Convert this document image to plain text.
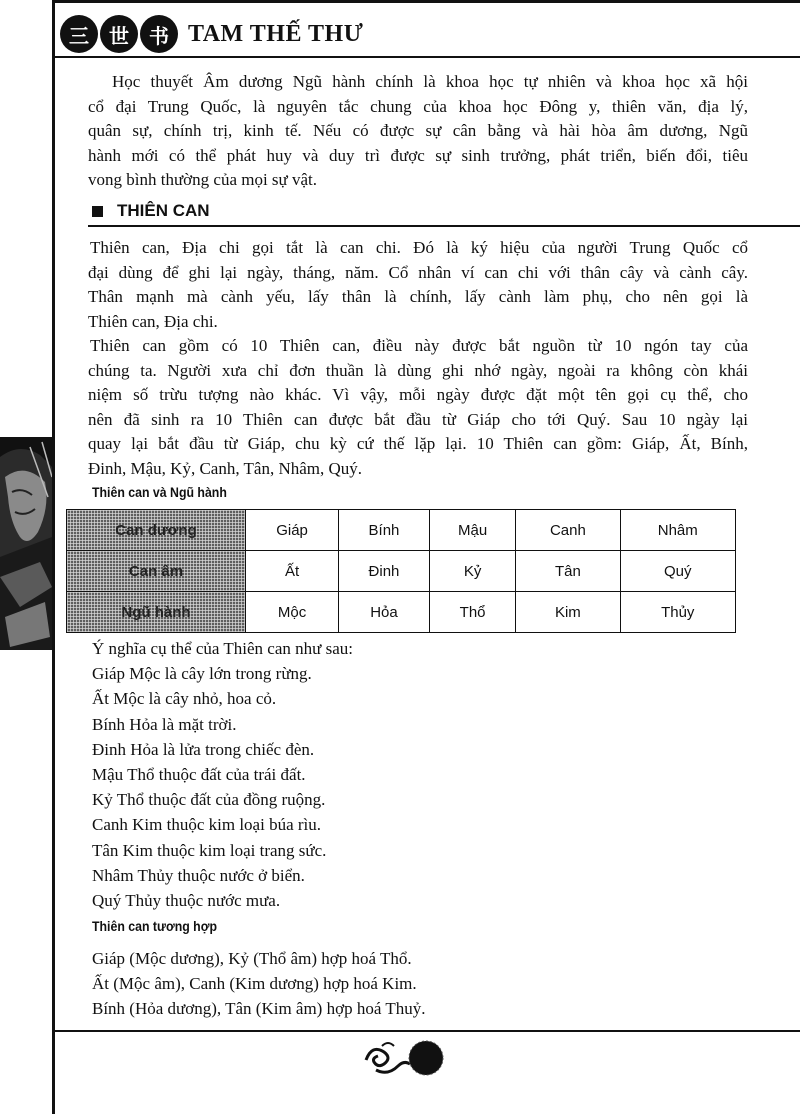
三	世	书 TAM THẾ THƯ
Học thuyết Âm dương Ngũ hành chính là khoa học tự nhiên và khoa học xã hội
cổ đại Trung Quốc, là nguyên tắc chung của khoa học Đông y, thiên văn, địa lý,
quân sự, chính trị, kinh tế. Nếu có được sự cân bằng và hài hòa âm dương, Ngũ
hành mới có thể phát huy và duy trì được sự sinh trưởng, phát triển, biến đổi, tiêu
vong bình thường của mọi sự vật.
THIÊN CAN
Thiên can, Địa chi gọi tắt là can chi. Đó là ký hiệu của người Trung Quốc cổ
đại dùng để ghi lại ngày, tháng, năm. Cổ nhân ví can chi với thân cây và cành cây.
Thân mạnh mà cành yếu, lấy thân là chính, lấy cành làm phụ, cho nên gọi là
Thiên can, Địa chi.
Thiên can gồm có 10 Thiên can, điều này được bắt nguồn từ 10 ngón tay của
chúng ta. Người xưa chỉ đơn thuần là dùng ghi nhớ ngày, ngoài ra không còn khái
niệm số trừu tượng nào khác. Vì vậy, mỗi ngày được đặt một tên gọi cụ thể, cho
nên đã sinh ra 10 Thiên can được bắt đầu từ Giáp cho tới Quý. Sau 10 ngày lại
quay lại bắt đầu từ Giáp, chu kỳ cứ thế lặp lại. 10 Thiên can gồm: Giáp, Ất, Bính,
Đinh, Mậu, Kỷ, Canh, Tân, Nhâm, Quý.
Thiên can và Ngũ hành
Can dương	Giáp	Bính	Mậu	Canh	Nhâm
Can âm	Ất	Đinh	Kỷ	Tân	Quý
Ngũ hành	Mộc	Hỏa	Thổ	Kim	Thủy
Ý nghĩa cụ thể của Thiên can như sau:
Giáp Mộc là cây lớn trong rừng.
Ất Mộc là cây nhỏ, hoa cỏ.
Bính Hỏa là mặt trời.
Đinh Hỏa là lửa trong chiếc đèn.
Mậu Thổ thuộc đất của trái đất.
Kỷ Thổ thuộc đất của đồng ruộng.
Canh Kim thuộc kim loại búa rìu.
Tân Kim thuộc kim loại trang sức.
Nhâm Thủy thuộc nước ở biển.
Quý Thủy thuộc nước mưa.
Thiên can tương hợp
Giáp (Mộc dương), Kỷ (Thổ âm) hợp hoá Thổ.
Ất (Mộc âm), Canh (Kim dương) hợp hoá Kim.
Bính (Hỏa dương), Tân (Kim âm) hợp hoá Thuỷ.
